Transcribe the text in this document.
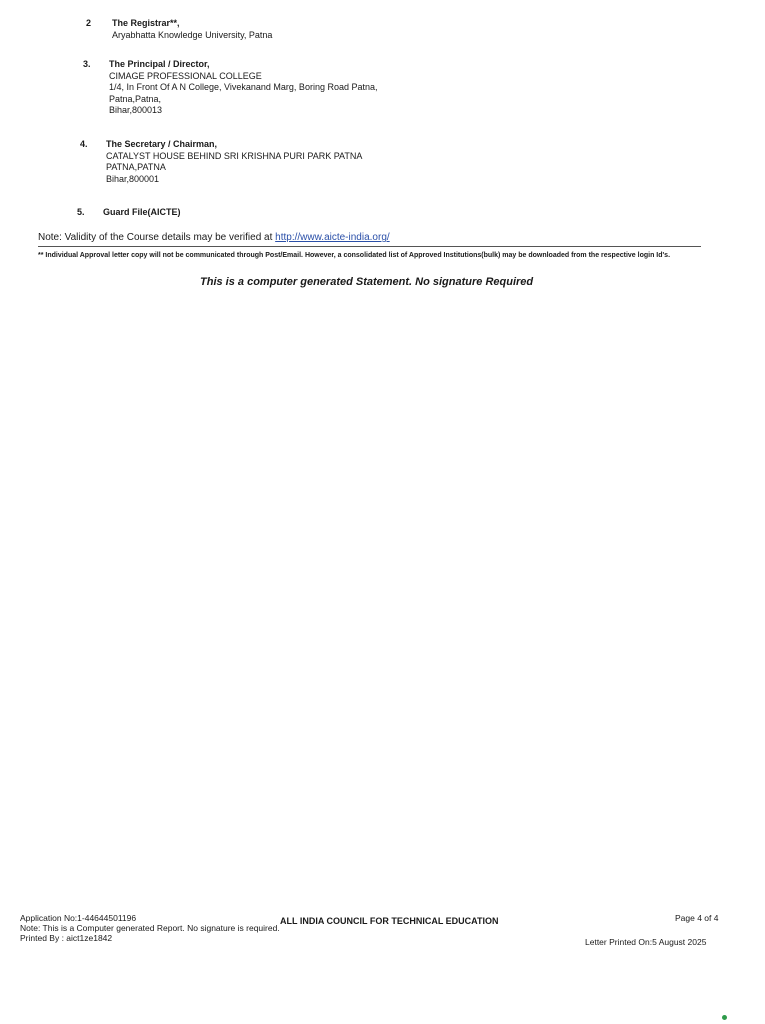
2 The Registrar**,
Aryabhatta Knowledge University, Patna
3. The Principal / Director,
CIMAGE PROFESSIONAL COLLEGE
1/4, In Front Of A N College, Vivekanand Marg, Boring Road Patna,
Patna,Patna,
Bihar,800013
4. The Secretary / Chairman,
CATALYST HOUSE BEHIND SRI KRISHNA PURI PARK PATNA
PATNA,PATNA
Bihar,800001
5. Guard File(AICTE)
Note: Validity of the Course details may be verified at http://www.aicte-india.org/
** Individual Approval letter copy will not be communicated through Post/Email. However, a consolidated list of Approved Institutions(bulk) may be downloaded from the respective login Id's.
This is a computer generated Statement. No signature Required
Application No:1-44644501196
Note: This is a Computer generated Report. No signature is required.
Printed By : aict1ze1842
ALL INDIA COUNCIL FOR TECHNICAL EDUCATION	Page 4 of 4
Letter Printed On:5 August 2025
